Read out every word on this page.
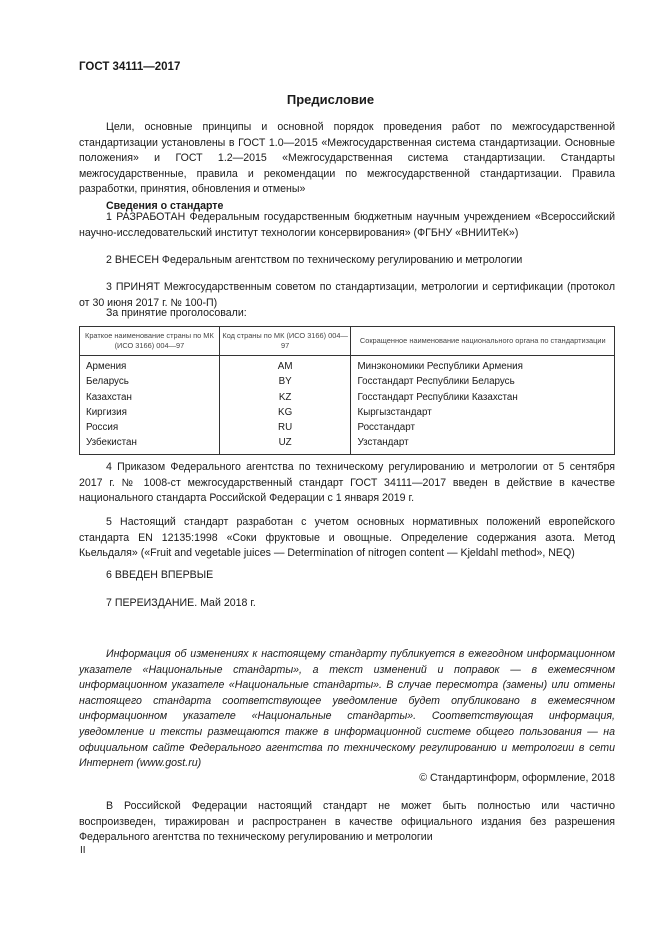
ГОСТ 34111—2017
Предисловие
Цели, основные принципы и основной порядок проведения работ по межгосударственной стандартизации установлены в ГОСТ 1.0—2015 «Межгосударственная система стандартизации. Основные положения» и ГОСТ 1.2—2015 «Межгосударственная система стандартизации. Стандарты межгосударственные, правила и рекомендации по межгосударственной стандартизации. Правила разработки, принятия, обновления и отмены»
Сведения о стандарте
1 РАЗРАБОТАН Федеральным государственным бюджетным научным учреждением «Всероссийский научно-исследовательский институт технологии консервирования» (ФГБНУ «ВНИИТеК»)
2 ВНЕСЕН Федеральным агентством по техническому регулированию и метрологии
3 ПРИНЯТ Межгосударственным советом по стандартизации, метрологии и сертификации (протокол от 30 июня 2017 г. № 100-П)
За принятие проголосовали:
Краткое наименование страны по МК (ИСО 3166) 004—97	Код страны по МК (ИСО 3166) 004—97	Сокращенное наименование национального органа по стандартизации
Армения	AM	Минэкономики Республики Армения
Беларусь	BY	Госстандарт Республики Беларусь
Казахстан	KZ	Госстандарт Республики Казахстан
Киргизия	KG	Кыргызстандарт
Россия	RU	Росстандарт
Узбекистан	UZ	Узстандарт
4 Приказом Федерального агентства по техническому регулированию и метрологии от 5 сентября 2017 г. № 1008-ст межгосударственный стандарт ГОСТ 34111—2017 введен в действие в качестве национального стандарта Российской Федерации с 1 января 2019 г.
5 Настоящий стандарт разработан с учетом основных нормативных положений европейского стандарта EN 12135:1998 «Соки фруктовые и овощные. Определение содержания азота. Метод Кьельдаля» («Fruit and vegetable juices — Determination of nitrogen content — Kjeldahl method», NEQ)
6 ВВЕДЕН ВПЕРВЫЕ
7 ПЕРЕИЗДАНИЕ. Май 2018 г.
Информация об изменениях к настоящему стандарту публикуется в ежегодном информационном указателе «Национальные стандарты», а текст изменений и поправок — в ежемесячном информационном указателе «Национальные стандарты». В случае пересмотра (замены) или отмены настоящего стандарта соответствующее уведомление будет опубликовано в ежемесячном информационном указателе «Национальные стандарты». Соответствующая информация, уведомление и тексты размещаются также в информационной системе общего пользования — на официальном сайте Федерального агентства по техническому регулированию и метрологии в сети Интернет (www.gost.ru)
© Стандартинформ, оформление, 2018
В Российской Федерации настоящий стандарт не может быть полностью или частично воспроизведен, тиражирован и распространен в качестве официального издания без разрешения Федерального агентства по техническому регулированию и метрологии
II
